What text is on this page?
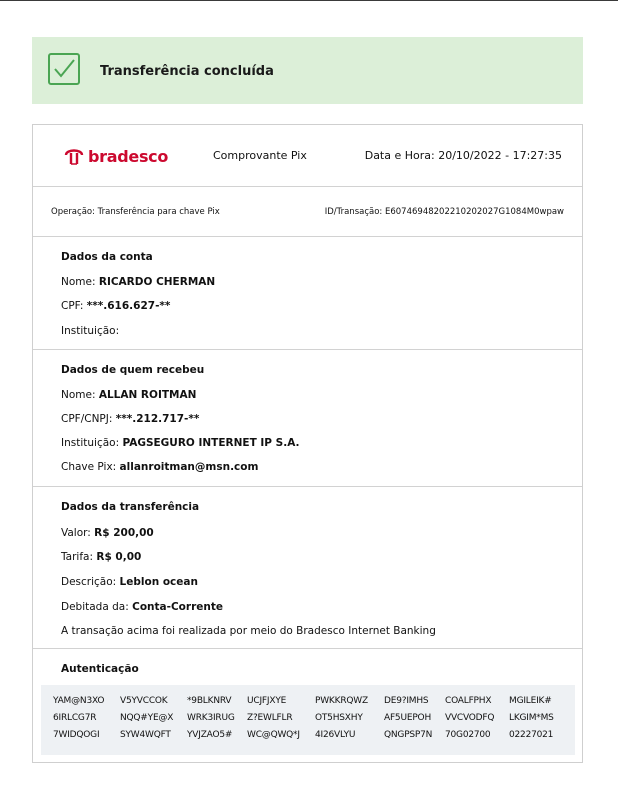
Transferência concluída
bradesco	Comprovante Pix	Data e Hora: 20/10/2022 - 17:27:35
Operação: Transferência para chave Pix	ID/Transação: E60746948202210202027G1084M0wpaw
Dados da conta
Nome: RICARDO CHERMAN
CPF: ***.616.627-**
Instituição:
Dados de quem recebeu
Nome: ALLAN ROITMAN
CPF/CNPJ: ***.212.717-**
Instituição: PAGSEGURO INTERNET IP S.A.
Chave Pix: allanroitman@msn.com
Dados da transferência
Valor: R$ 200,00
Tarifa: R$ 0,00
Descrição: Leblon ocean
Debitada da: Conta-Corrente
A transação acima foi realizada por meio do Bradesco Internet Banking
Autenticação
YAM@N3XO V5YVCCOK *9BLKNRV UCJFJXYE	PWKKRQWZ DE9?IMHS COALFPHX MGILEIK#
6IRLCG7R	NQQ#YE@X WRK3IRUG Z?EWLFLR	OT5HSXHY AF5UEPOH VVCVODFQ LKGIM*MS
7WIDQOGI SYW4WQFT YVJZAO5# WC@QWQ*J 4I26VLYU	QNGPSP7N 70G02700 02227021
